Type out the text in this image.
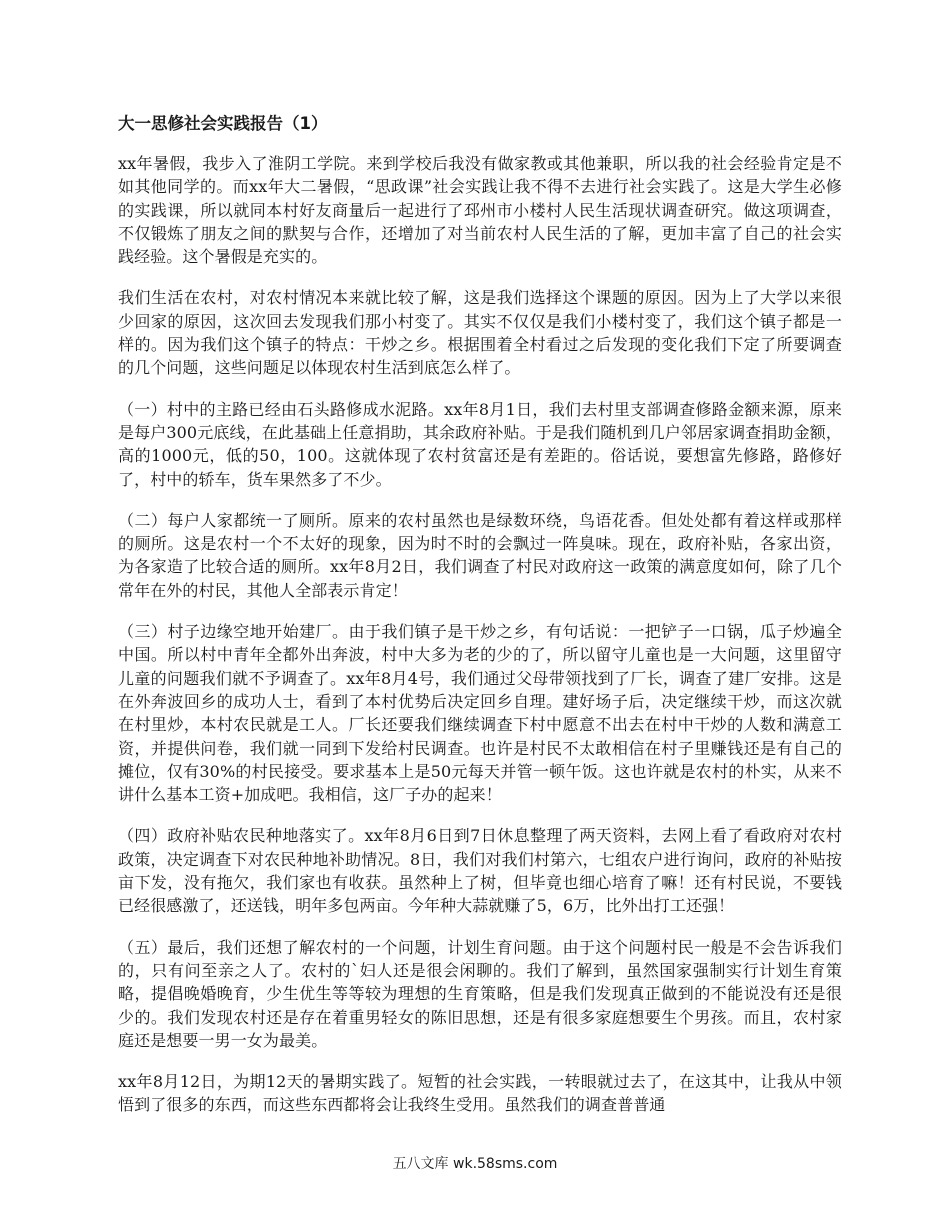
大一思修社会实践报告（1）

xx年暑假，我步入了淮阴工学院。来到学校后我没有做家教或其他兼职，所以我的社会经验肯定是不如其他同学的。而xx年大二暑假，“思政课”社会实践让我不得不去进行社会实践了。这是大学生必修的实践课，所以就同本村好友商量后一起进行了邳州市小楼村人民生活现状调查研究。做这项调查，不仅锻炼了朋友之间的默契与合作，还增加了对当前农村人民生活的了解，更加丰富了自己的社会实践经验。这个暑假是充实的。

我们生活在农村，对农村情况本来就比较了解，这是我们选择这个课题的原因。因为上了大学以来很少回家的原因，这次回去发现我们那小村变了。其实不仅仅是我们小楼村变了，我们这个镇子都是一样的。因为我们这个镇子的特点：干炒之乡。根据围着全村看过之后发现的变化我们下定了所要调查的几个问题，这些问题足以体现农村生活到底怎么样了。

（一）村中的主路已经由石头路修成水泥路。xx年8月1日，我们去村里支部调查修路金额来源，原来是每户300元底线，在此基础上任意捐助，其余政府补贴。于是我们随机到几户邻居家调查捐助金额，高的1000元，低的50，100。这就体现了农村贫富还是有差距的。俗话说，要想富先修路，路修好了，村中的轿车，货车果然多了不少。

（二）每户人家都统一了厕所。原来的农村虽然也是绿数环绕，鸟语花香。但处处都有着这样或那样的厕所。这是农村一个不太好的现象，因为时不时的会飘过一阵臭味。现在，政府补贴，各家出资，为各家造了比较合适的厕所。xx年8月2日，我们调查了村民对政府这一政策的满意度如何，除了几个常年在外的村民，其他人全部表示肯定！

（三）村子边缘空地开始建厂。由于我们镇子是干炒之乡，有句话说：一把铲子一口锅，瓜子炒遍全中国。所以村中青年全都外出奔波，村中大多为老的少的了，所以留守儿童也是一大问题，这里留守儿童的问题我们就不予调查了。xx年8月4号，我们通过父母带领找到了厂长，调查了建厂安排。这是在外奔波回乡的成功人士，看到了本村优势后决定回乡自理。建好场子后，决定继续干炒，而这次就在村里炒，本村农民就是工人。厂长还要我们继续调查下村中愿意不出去在村中干炒的人数和满意工资，并提供问卷，我们就一同到下发给村民调查。也许是村民不太敢相信在村子里赚钱还是有自己的摊位，仅有30%的村民接受。要求基本上是50元每天并管一顿午饭。这也许就是农村的朴实，从来不讲什么基本工资+加成吧。我相信，这厂子办的起来！

（四）政府补贴农民种地落实了。xx年8月6日到7日休息整理了两天资料，去网上看了看政府对农村政策，决定调查下对农民种地补助情况。8日，我们对我们村第六，七组农户进行询问，政府的补贴按亩下发，没有拖欠，我们家也有收获。虽然种上了树，但毕竟也细心培育了嘛！还有村民说，不要钱已经很感激了，还送钱，明年多包两亩。今年种大蒜就赚了5，6万，比外出打工还强！

（五）最后，我们还想了解农村的一个问题，计划生育问题。由于这个问题村民一般是不会告诉我们的，只有问至亲之人了。农村的`妇人还是很会闲聊的。我们了解到，虽然国家强制实行计划生育策略，提倡晚婚晚育，少生优生等等较为理想的生育策略，但是我们发现真正做到的不能说没有还是很少的。我们发现农村还是存在着重男轻女的陈旧思想，还是有很多家庭想要生个男孩。而且，农村家庭还是想要一男一女为最美。

xx年8月12日，为期12天的暑期实践了。短暂的社会实践，一转眼就过去了，在这其中，让我从中领悟到了很多的东西，而这些东西都将会让我终生受用。虽然我们的调查普普通

五八文库 wk.58sms.com
